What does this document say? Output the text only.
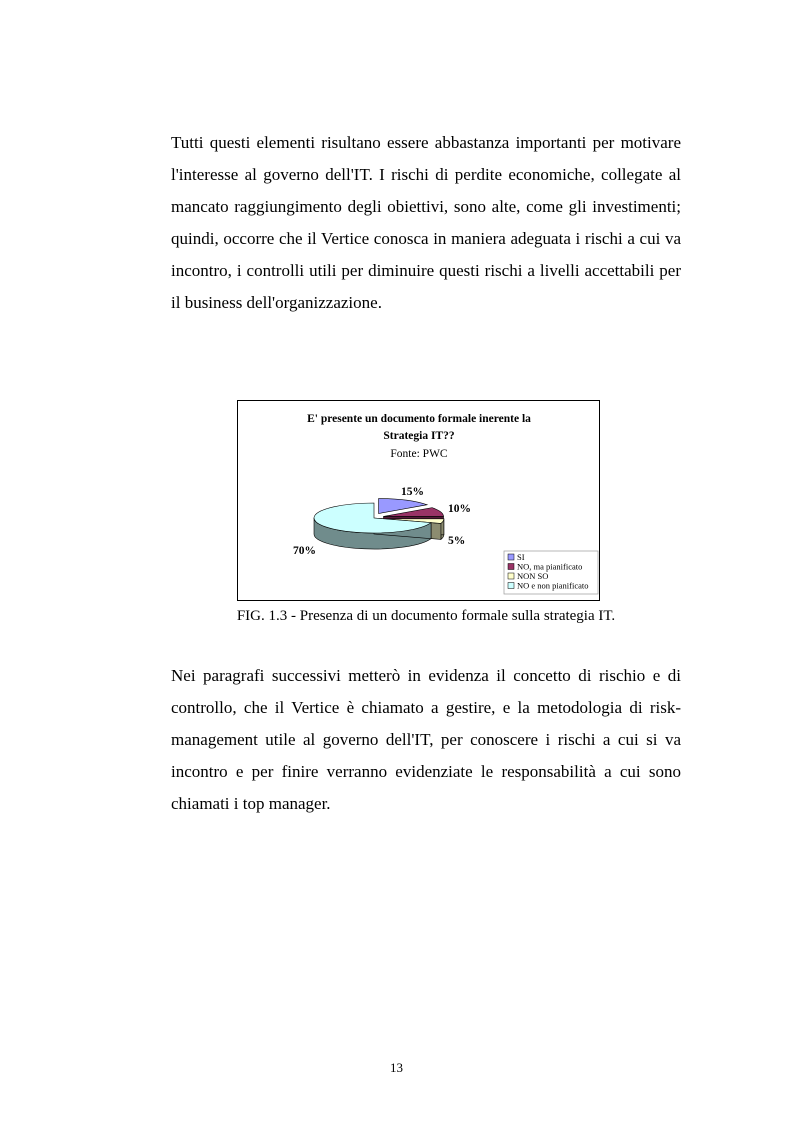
Tutti questi elementi risultano essere abbastanza importanti per motivare l'interesse al governo dell'IT. I rischi di perdite economiche, collegate al mancato raggiungimento degli obiettivi, sono alte, come gli investimenti; quindi, occorre che il Vertice conosca in maniera adeguata i rischi a cui va incontro, i controlli utili per diminuire questi rischi a livelli accettabili per il business dell'organizzazione.

E' presente un documento formale inerente la
Strategia IT??
Fonte: PWC
15%
10%
5%
70%	SI
NO, ma pianificato
NON SO
NO e non pianificato

FIG. 1.3 - Presenza di un documento formale sulla strategia IT.

Nei paragrafi successivi metterò in evidenza il concetto di rischio e di controllo, che il Vertice è chiamato a gestire, e la metodologia di risk-management utile al governo dell'IT, per conoscere i rischi a cui si va incontro e per finire verranno evidenziate le responsabilità a cui sono chiamati i top manager.

13
